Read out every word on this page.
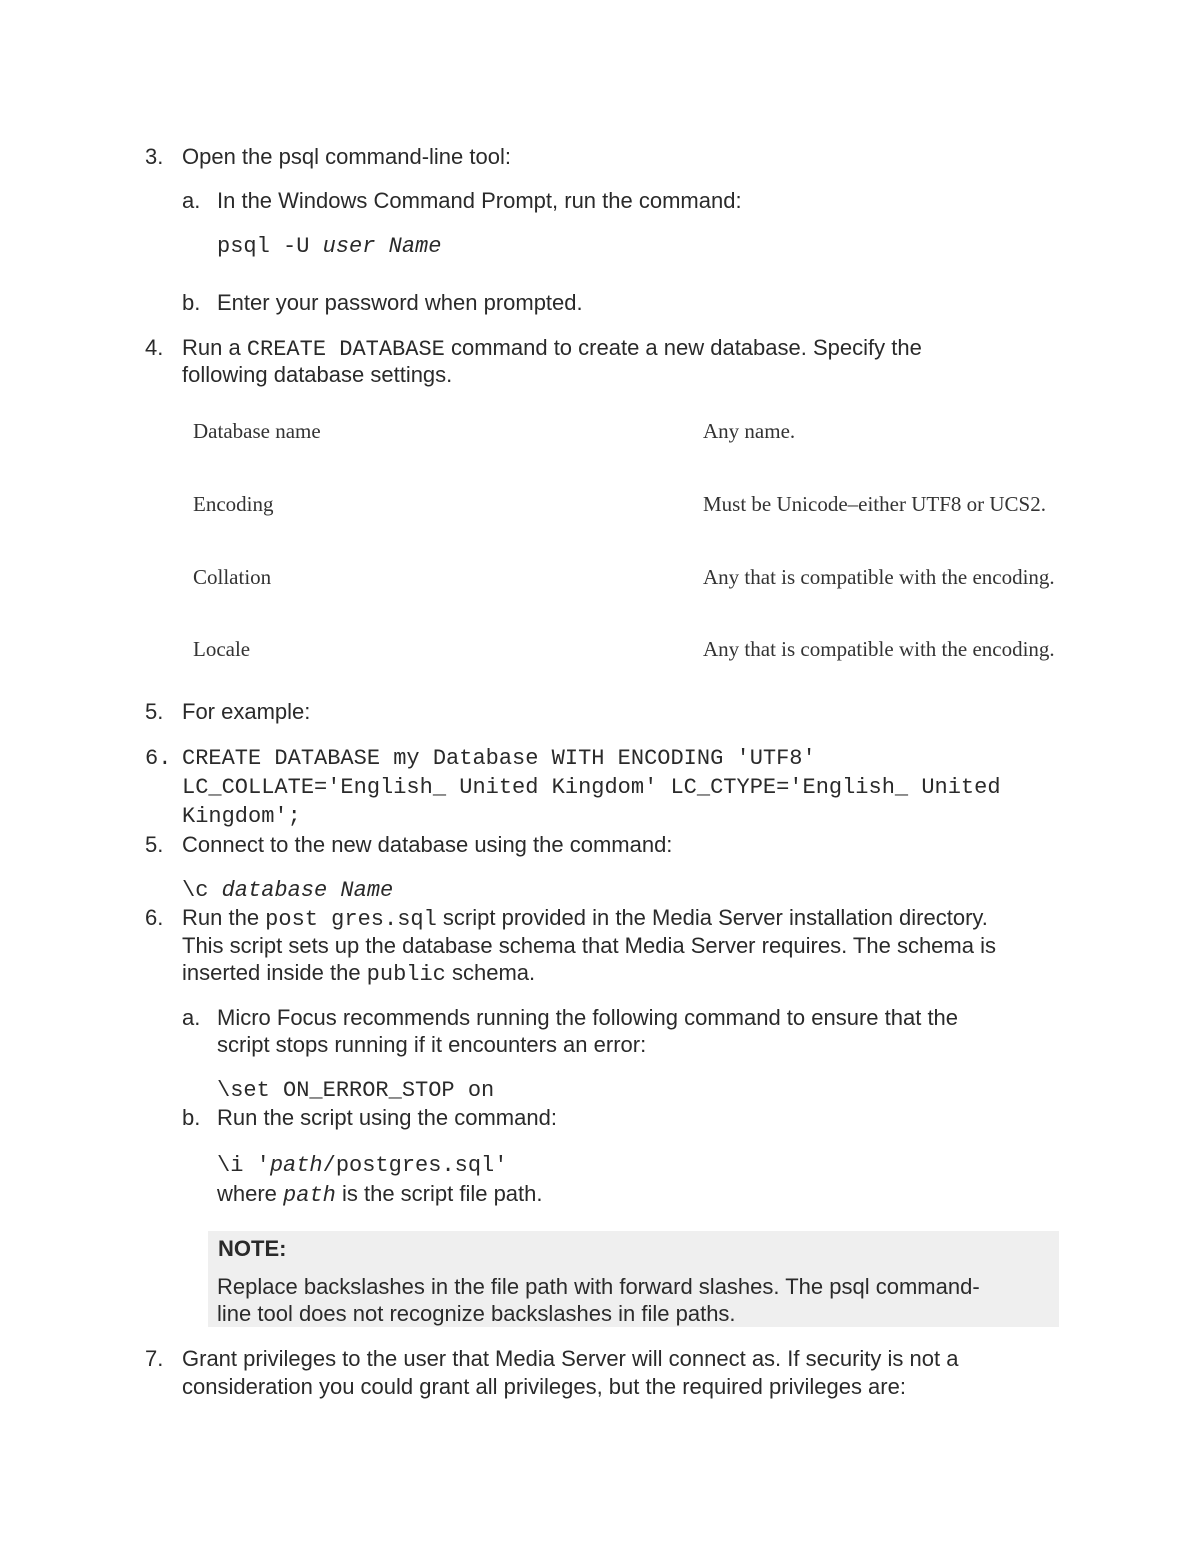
3. Open the psql command-line tool:
a. In the Windows Command Prompt, run the command:
psql -U user Name
b. Enter your password when prompted.
4. Run a CREATE DATABASE command to create a new database. Specify the
following database settings.
Database name	Any name.
Encoding	Must be Unicode–either UTF8 or UCS2.
Collation	Any that is compatible with the encoding.
Locale	Any that is compatible with the encoding.
5. For example:
6. CREATE DATABASE my Database WITH ENCODING 'UTF8'
LC_COLLATE='English_ United Kingdom' LC_CTYPE='English_ United
Kingdom';
5. Connect to the new database using the command:
\c database Name
6. Run the post gres.sql script provided in the Media Server installation directory.
This script sets up the database schema that Media Server requires. The schema is
inserted inside the public schema.
a. Micro Focus recommends running the following command to ensure that the
script stops running if it encounters an error:
\set ON_ERROR_STOP on
b. Run the script using the command:
\i 'path/postgres.sql'
where path is the script file path.
NOTE:
Replace backslashes in the file path with forward slashes. The psql command-
line tool does not recognize backslashes in file paths.
7. Grant privileges to the user that Media Server will connect as. If security is not a
consideration you could grant all privileges, but the required privileges are:
